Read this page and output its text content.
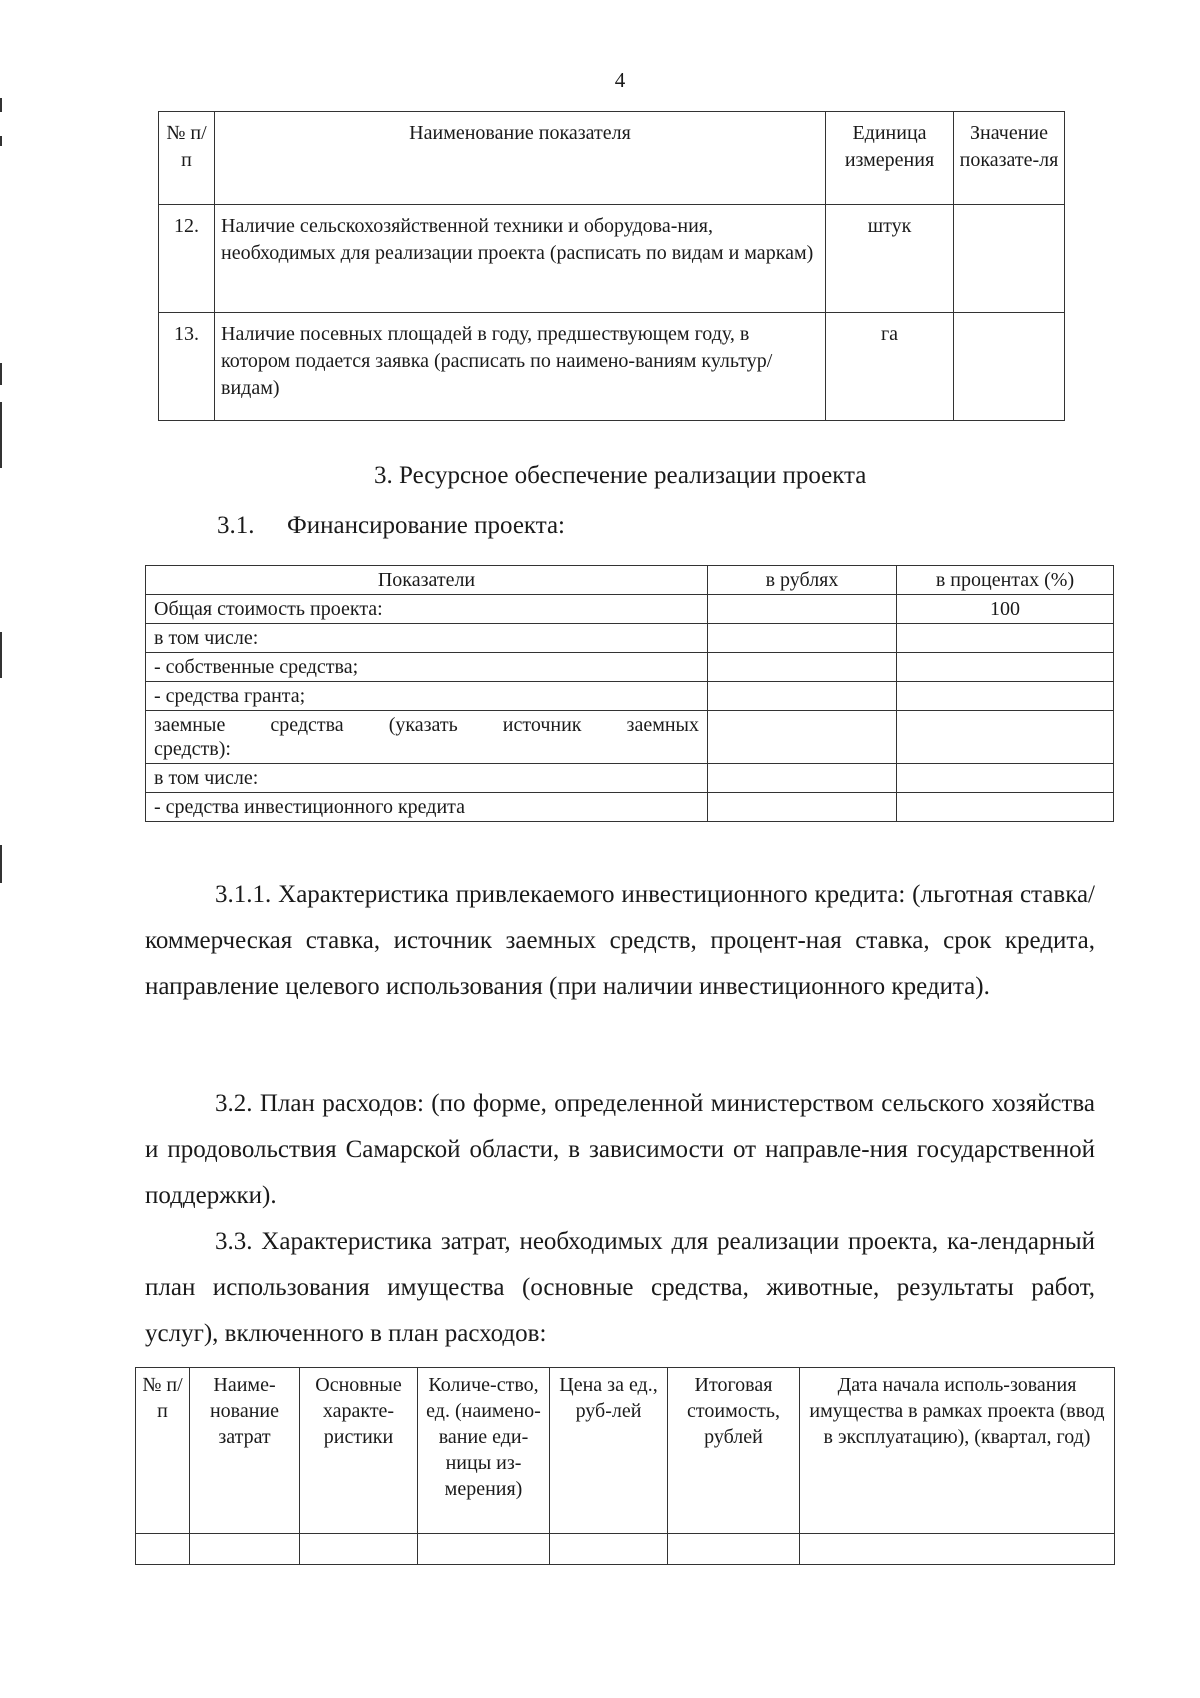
4
№ п/п	Наименование показателя	Единица измерения	Значение показате-ля
12.	Наличие сельскохозяйственной техники и оборудова-ния, необходимых для реализации проекта (расписать по видам и маркам)	штук	
13.	Наличие посевных площадей в году, предшествующем году, в котором подается заявка (расписать по наимено-ваниям культур/видам)	га	
3. Ресурсное обеспечение реализации проекта
3.1. Финансирование проекта:
Показатели	в рублях	в процентах (%)
Общая стоимость проекта:		100
в том числе:		
- собственные средства;		
- средства гранта;		

заемные средства (указать источник заемных
средств):		

в том числе:		
- средства инвестиционного кредита		
3.1.1. Характеристика привлекаемого инвестиционного кредита: (льготная ставка/коммерческая ставка, источник заемных средств, процент-ная ставка, срок кредита, направление целевого использования (при наличии инвестиционного кредита).
3.2. План расходов: (по форме, определенной министерством сельского хозяйства и продовольствия Самарской области, в зависимости от направле-ния государственной поддержки).
3.3. Характеристика затрат, необходимых для реализации проекта, ка-лендарный план использования имущества (основные средства, животные, результаты работ, услуг), включенного в план расходов:
№ п/п	Наиме-нование затрат	Основные характе-ристики	Количе-ство, ед. (наимено-вание еди-ницы из-мерения)	Цена за ед., руб-лей	Итоговая стоимость, рублей	Дата начала исполь-зования имущества в рамках проекта (ввод в эксплуатацию), (квартал, год)
